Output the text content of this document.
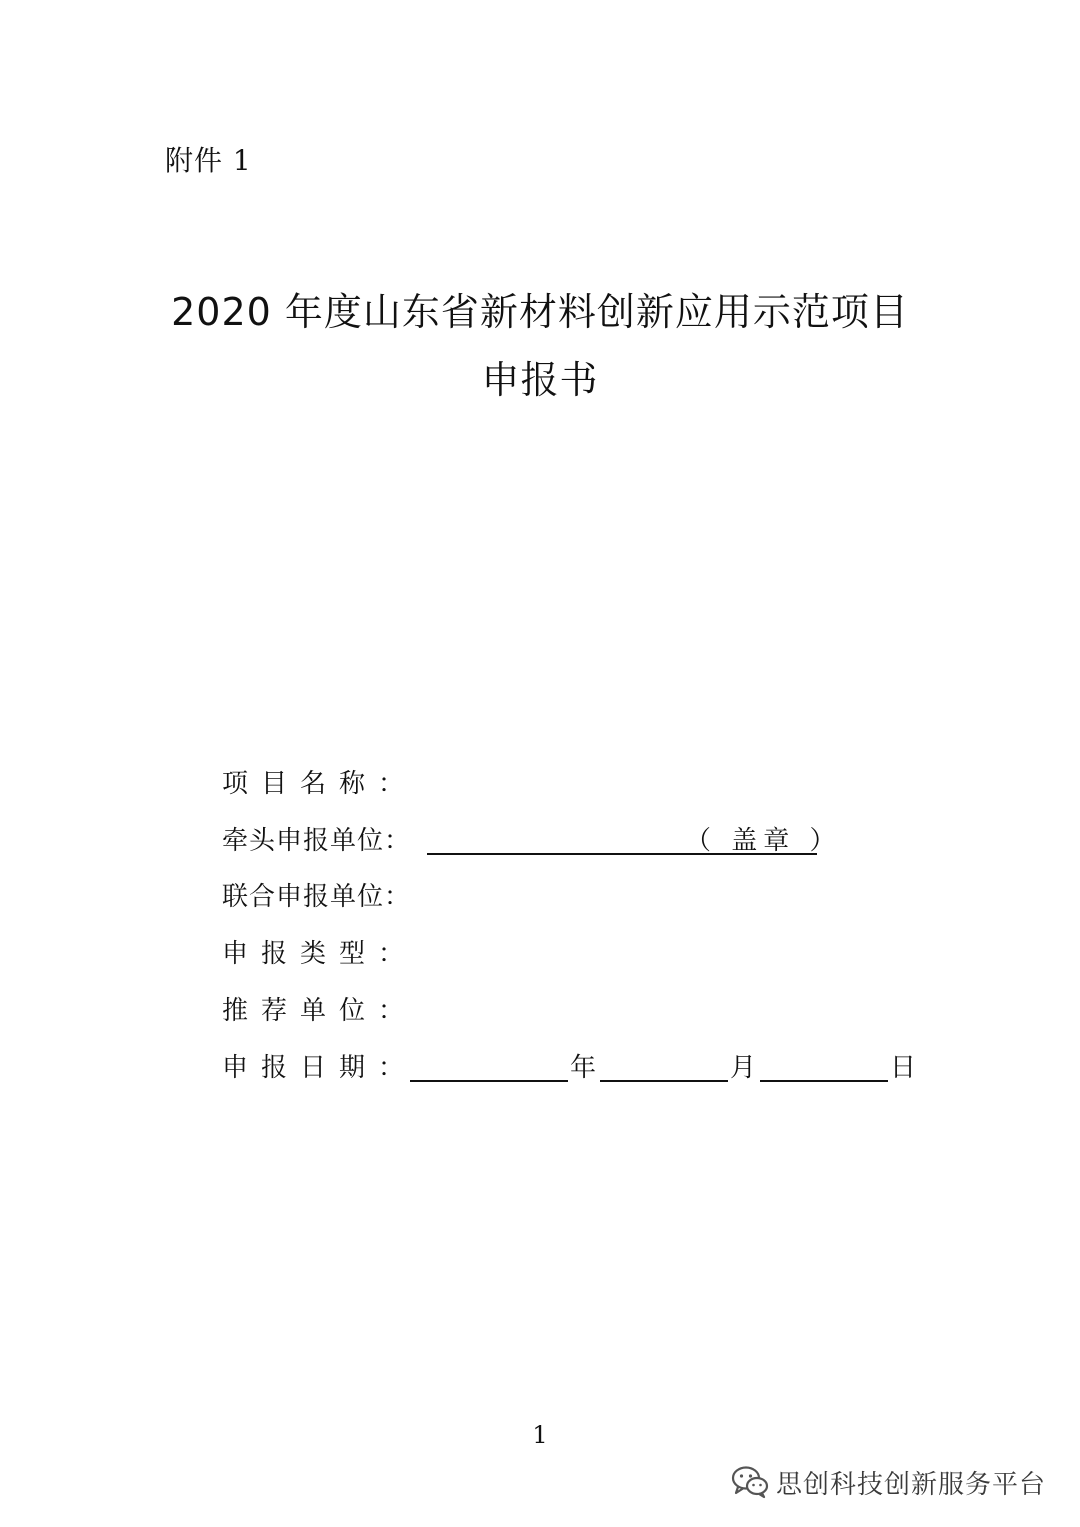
附件 1
2020 年度山东省新材料创新应用示范项目
申报书
项目名称：
牵头申报单位：	（ 盖章 ）
联合申报单位：
申报类型：
推荐单位：
申报日期：	年	月	日
1
思创科技创新服务平台
